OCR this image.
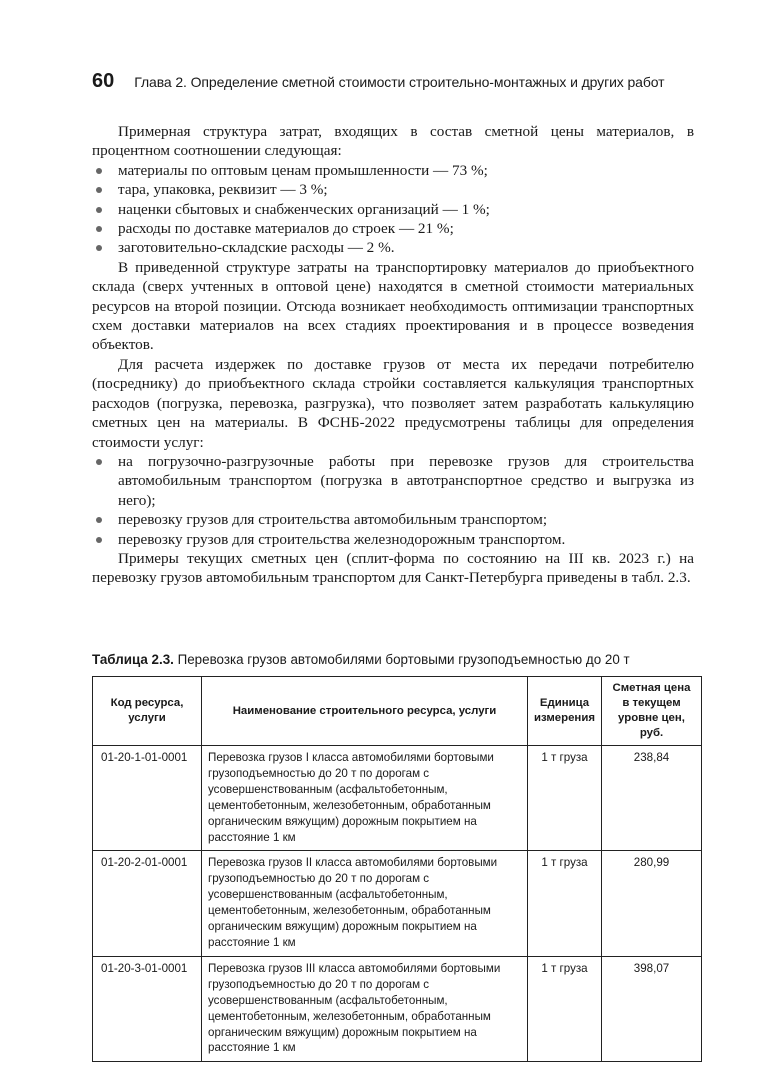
60 Глава 2. Определение сметной стоимости строительно-монтажных и других работ

Примерная структура затрат, входящих в состав сметной цены материалов, в процентном соотношении следующая:

материалы по оптовым ценам промышленности — 73 %;
тара, упаковка, реквизит — 3 %;
наценки сбытовых и снабженческих организаций — 1 %;
расходы по доставке материалов до строек — 21 %;
заготовительно-складские расходы — 2 %.

В приведенной структуре затраты на транспортировку материалов до приобъектного склада (сверх учтенных в оптовой цене) находятся в сметной стоимости материальных ресурсов на второй позиции. Отсюда возникает необходимость оптимизации транспортных схем доставки материалов на всех стадиях проектирования и в процессе возведения объектов.

Для расчета издержек по доставке грузов от места их передачи потребителю (посреднику) до приобъектного склада стройки составляется калькуляция транспортных расходов (погрузка, перевозка, разгрузка), что позволяет затем разработать калькуляцию сметных цен на материалы. В ФСНБ-2022 предусмотрены таблицы для определения стоимости услуг:

на погрузочно-разгрузочные работы при перевозке грузов для строительства автомобильным транспортом (погрузка в автотранспортное средство и выгрузка из него);
перевозку грузов для строительства автомобильным транспортом;
перевозку грузов для строительства железнодорожным транспортом.

Примеры текущих сметных цен (сплит-форма по состоянию на III кв. 2023 г.) на перевозку грузов автомобильным транспортом для Санкт-Петербурга приведены в табл. 2.3.

Таблица 2.3. Перевозка грузов автомобилями бортовыми грузоподъемностью до 20 т
Код ресурса, услуги	Наименование строительного ресурса, услуги	Единица измерения	Сметная цена в текущем уровне цен, руб.
01-20-1-01-0001	Перевозка грузов I класса автомобилями бортовыми грузоподъемностью до 20 т по дорогам с усовершенствованным (асфальтобетонным, цементобетонным, железобетонным, обработанным органическим вяжущим) дорожным покрытием на расстояние 1 км	1 т груза	238,84
01-20-2-01-0001	Перевозка грузов II класса автомобилями бортовыми грузоподъемностью до 20 т по дорогам с усовершенствованным (асфальтобетонным, цементобетонным, железобетонным, обработанным органическим вяжущим) дорожным покрытием на расстояние 1 км	1 т груза	280,99
01-20-3-01-0001	Перевозка грузов III класса автомобилями бортовыми грузоподъемностью до 20 т по дорогам с усовершенствованным (асфальтобетонным, цементобетонным, железобетонным, обработанным органическим вяжущим) дорожным покрытием на расстояние 1 км	1 т груза	398,07
